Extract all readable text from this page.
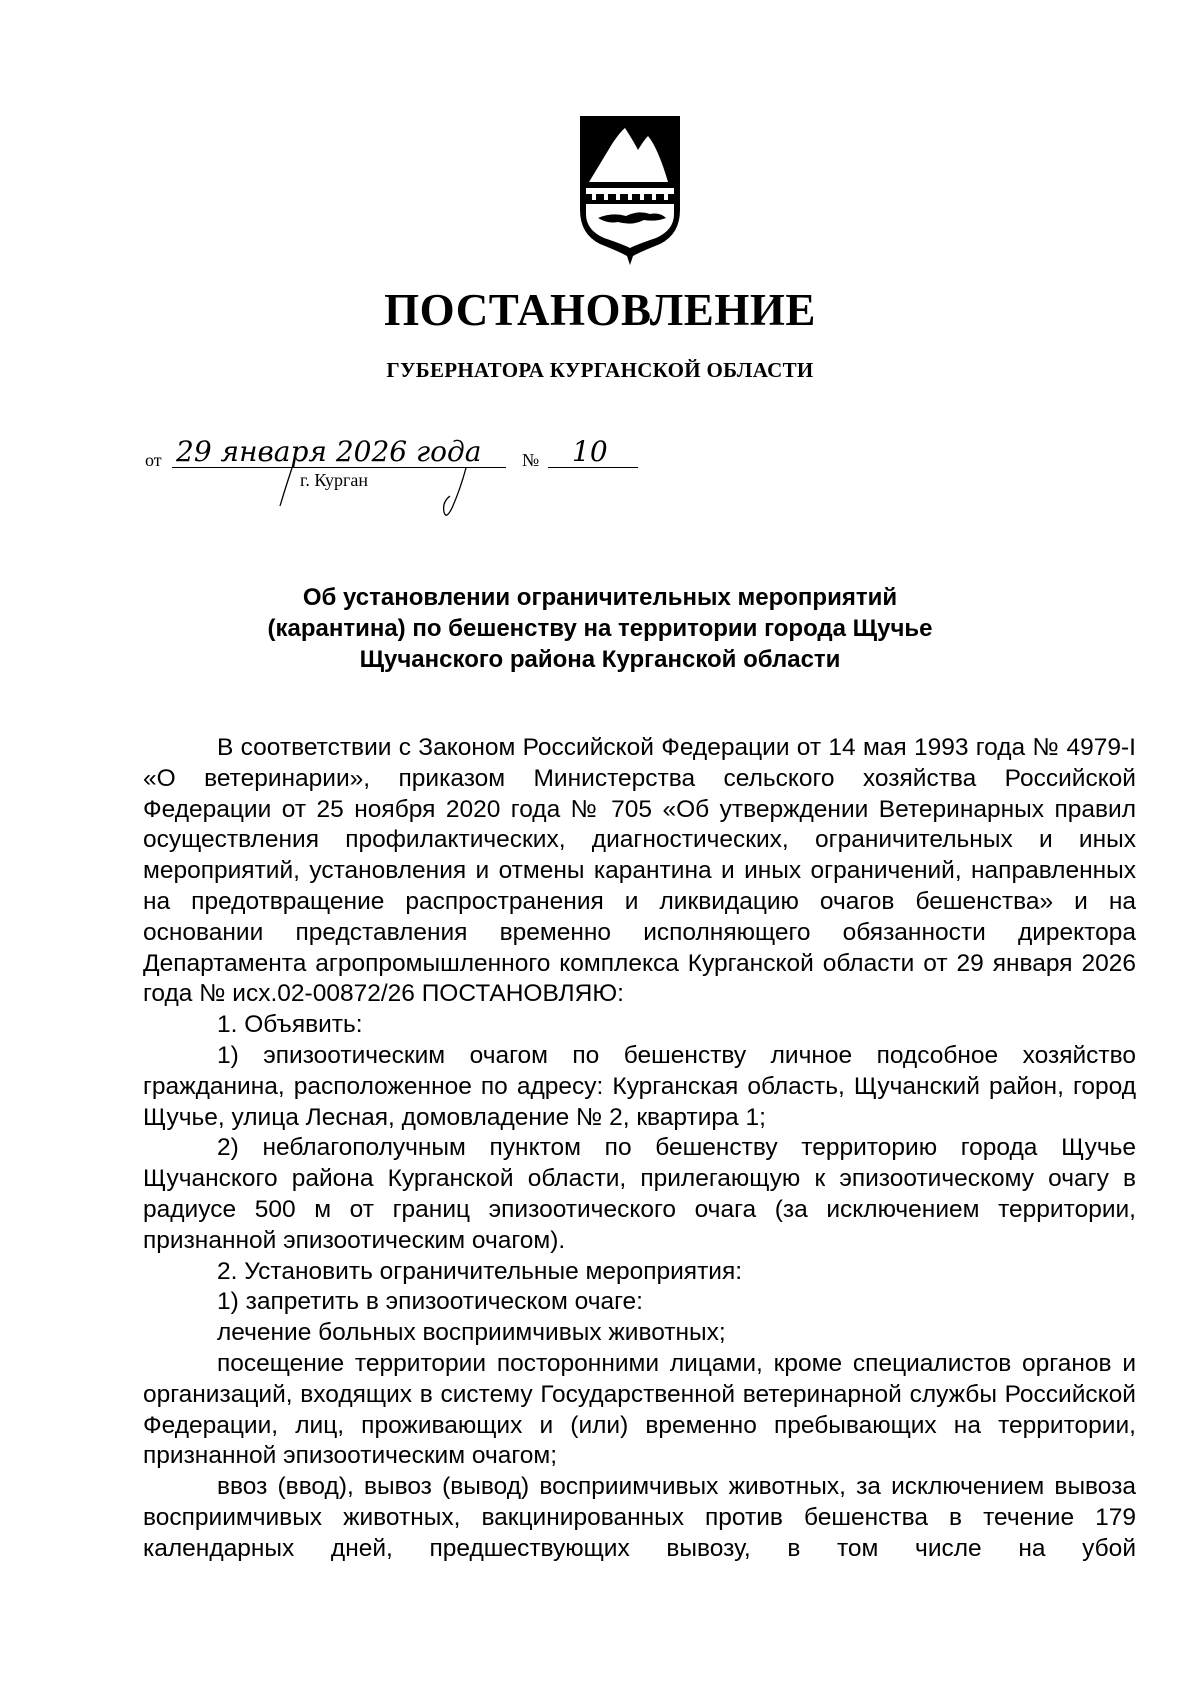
ПОСТАНОВЛЕНИЕ
ГУБЕРНАТОРА КУРГАНСКОЙ ОБЛАСТИ
от 29 января 2026 года № 10
г. Курган
Об установлении ограничительных мероприятий
(карантина) по бешенству на территории города Щучье
Щучанского района Курганской области

В соответствии с Законом Российской Федерации от 14 мая 1993 года № 4979-I «О ветеринарии», приказом Министерства сельского хозяйства Российской Федерации от 25 ноября 2020 года № 705 «Об утверждении Ветеринарных правил осуществления профилактических, диагностических, ограничительных и иных мероприятий, установления и отмены карантина и иных ограничений, направленных на предотвращение распространения и ликвидацию очагов бешенства» и на основании представления временно исполняющего обязанности директора Департамента агропромышленного комплекса Курганской области от 29 января 2026 года № исх.02-00872/26 ПОСТАНОВЛЯЮ:

1. Объявить:

1) эпизоотическим очагом по бешенству личное подсобное хозяйство гражданина, расположенное по адресу: Курганская область, Щучанский район, город Щучье, улица Лесная, домовладение № 2, квартира 1;

2) неблагополучным пунктом по бешенству территорию города Щучье Щучанского района Курганской области, прилегающую к эпизоотическому очагу в радиусе 500 м от границ эпизоотического очага (за исключением территории, признанной эпизоотическим очагом).

2. Установить ограничительные мероприятия:

1) запретить в эпизоотическом очаге:

лечение больных восприимчивых животных;

посещение территории посторонними лицами, кроме специалистов органов и организаций, входящих в систему Государственной ветеринарной службы Российской Федерации, лиц, проживающих и (или) временно пребывающих на территории, признанной эпизоотическим очагом;

ввоз (ввод), вывоз (вывод) восприимчивых животных, за исключением вывоза восприимчивых животных, вакцинированных против бешенства в течение 179 календарных дней, предшествующих вывозу, в том числе на убой
